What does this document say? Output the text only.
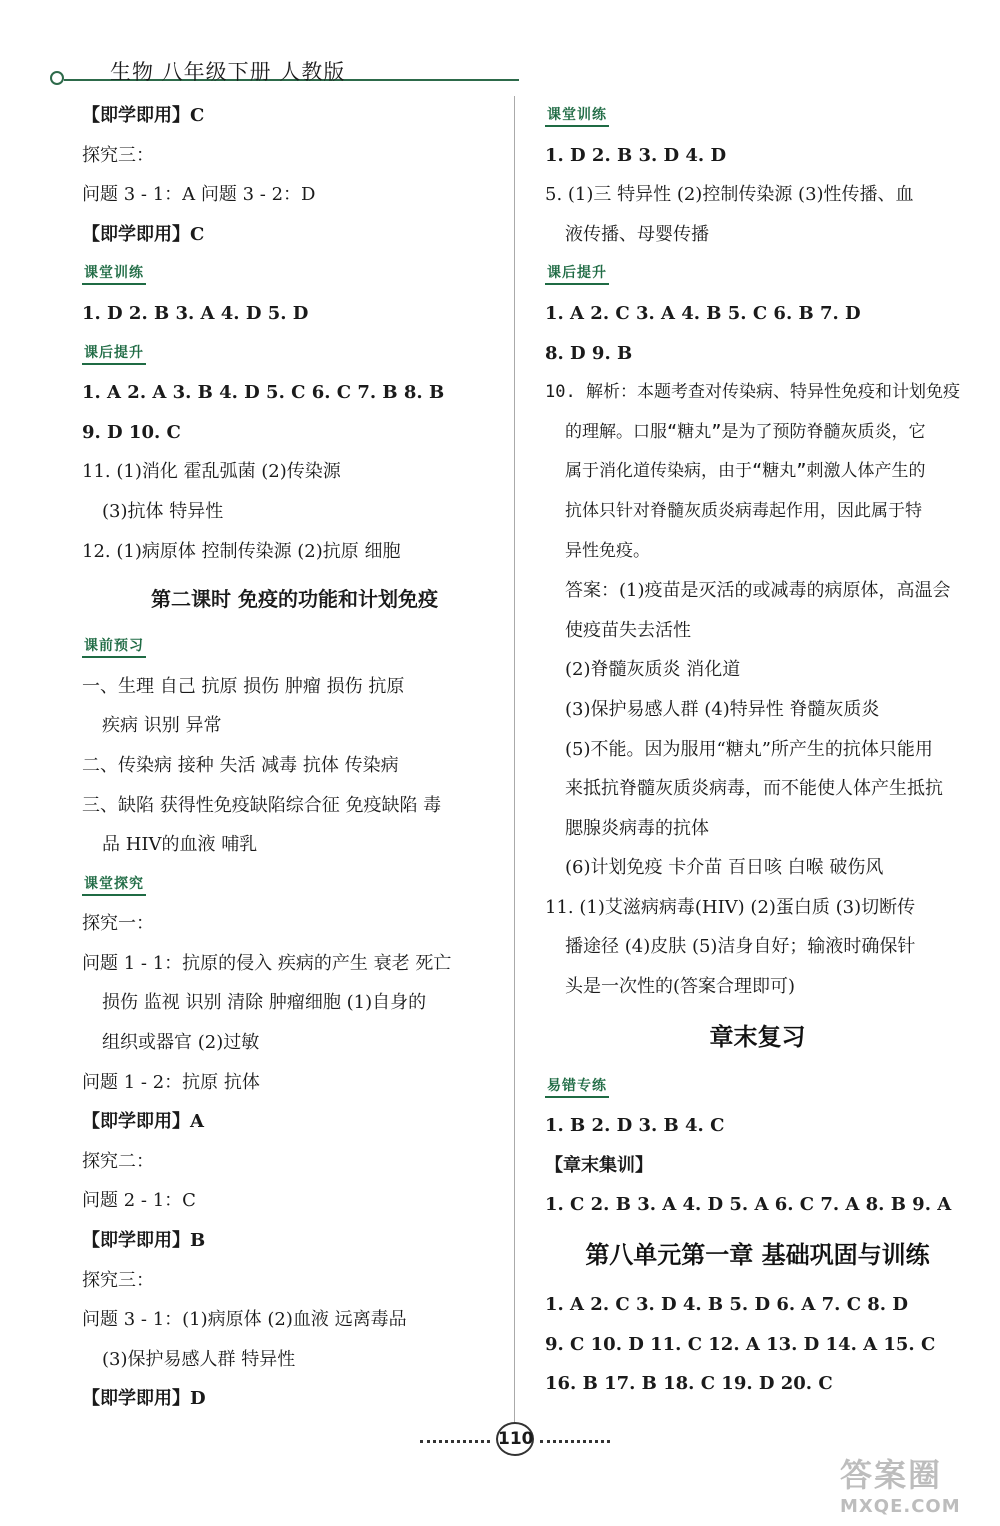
生物 八年级下册 人教版
【即学即用】C
探究三：
问题 3 - 1：A 问题 3 - 2：D
【即学即用】C
课堂训练
1. D 2. B 3. A 4. D 5. D
课后提升
1. A 2. A 3. B 4. D 5. C 6. C 7. B 8. B
9. D 10. C
11. (1)消化 霍乱弧菌 (2)传染源
(3)抗体 特异性
12. (1)病原体 控制传染源 (2)抗原 细胞
第二课时 免疫的功能和计划免疫
课前预习
一、生理 自己 抗原 损伤 肿瘤 损伤 抗原
疾病 识别 异常
二、传染病 接种 失活 减毒 抗体 传染病
三、缺陷 获得性免疫缺陷综合征 免疫缺陷 毒
品 HIV的血液 哺乳
课堂探究
探究一：
问题 1 - 1：抗原的侵入 疾病的产生 衰老 死亡
损伤 监视 识别 清除 肿瘤细胞 (1)自身的
组织或器官 (2)过敏
问题 1 - 2：抗原 抗体
【即学即用】A
探究二：
问题 2 - 1：C
【即学即用】B
探究三：
问题 3 - 1：(1)病原体 (2)血液 远离毒品
(3)保护易感人群 特异性
【即学即用】D
课堂训练
1. D 2. B 3. D 4. D
5. (1)三 特异性 (2)控制传染源 (3)性传播、血
液传播、母婴传播
课后提升
1. A 2. C 3. A 4. B 5. C 6. B 7. D
8. D 9. B
10. 解析：本题考查对传染病、特异性免疫和计划免疫
的理解。口服“糖丸”是为了预防脊髓灰质炎，它
属于消化道传染病，由于“糖丸”刺激人体产生的
抗体只针对脊髓灰质炎病毒起作用，因此属于特
异性免疫。
答案：(1)疫苗是灭活的或减毒的病原体，高温会
使疫苗失去活性
(2)脊髓灰质炎 消化道
(3)保护易感人群 (4)特异性 脊髓灰质炎
(5)不能。因为服用“糖丸”所产生的抗体只能用
来抵抗脊髓灰质炎病毒，而不能使人体产生抵抗
腮腺炎病毒的抗体
(6)计划免疫 卡介苗 百日咳 白喉 破伤风
11. (1)艾滋病病毒(HIV) (2)蛋白质 (3)切断传
播途径 (4)皮肤 (5)洁身自好；输液时确保针
头是一次性的(答案合理即可)
章末复习
易错专练
1. B 2. D 3. B 4. C
【章末集训】
1. C 2. B 3. A 4. D 5. A 6. C 7. A 8. B 9. A
第八单元第一章 基础巩固与训练
1. A 2. C 3. D 4. B 5. D 6. A 7. C 8. D
9. C 10. D 11. C 12. A 13. D 14. A 15. C
16. B 17. B 18. C 19. D 20. C
110
答案圈
MXQE.COM
